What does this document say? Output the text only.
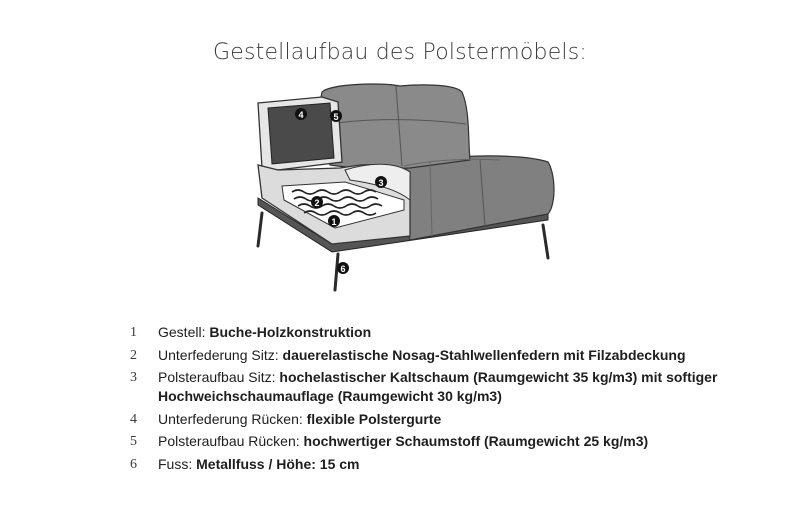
Gestellaufbau des Polstermöbels:
1
2
3
4	5
6
1	Gestell: Buche-Holzkonstruktion
2	Unterfederung Sitz: dauerelastische Nosag-Stahlwellenfedern mit Filzabdeckung
3	Polsteraufbau Sitz: hochelastischer Kaltschaum (Raumgewicht 35 kg/m3) mit softiger Hochweichschaumauflage (Raumgewicht 30 kg/m3)
4	Unterfederung Rücken: flexible Polstergurte
5	Polsteraufbau Rücken: hochwertiger Schaumstoff (Raumgewicht 25 kg/m3)
6	Fuss: Metallfuss / Höhe: 15 cm
